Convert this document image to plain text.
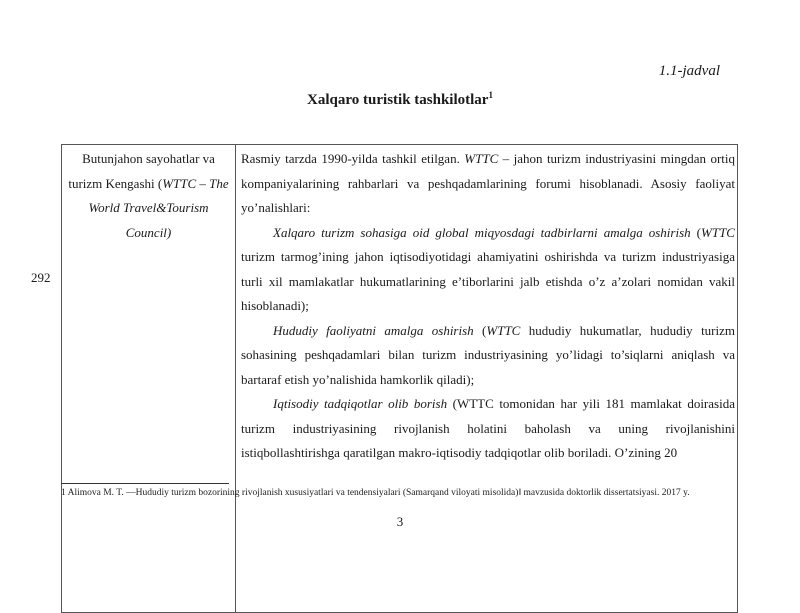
1.1-jadval
Xalqaro turistik tashkilotlar$^1$
292
Butunjahon sayohatlar va turizm Kengashi (WTTC – The World Travel&Tourism Council)	
Rasmiy tarzda 1990-yilda tashkil etilgan. WTTC – jahon turizm industriyasini mingdan ortiq kompaniyalarining rahbarlari va peshqadamlarining forumi hisoblanadi. Asosiy faoliyat yo’nalishlari:
Xalqaro turizm sohasiga oid global miqyosdagi tadbirlarni amalga oshirish (WTTC turizm tarmog’ining jahon iqtisodiyotidagi ahamiyatini oshirishda va turizm industriyasiga turli xil mamlakatlar hukumatlarining e’tiborlarini jalb etishda o’z a’zolari nomidan vakil hisoblanadi);
Hududiy faoliyatni amalga oshirish (WTTC hududiy hukumatlar, hududiy turizm sohasining peshqadamlari bilan turizm industriyasining yo’lidagi to’siqlarni aniqlash va bartaraf etish yo’nalishida hamkorlik qiladi);
Iqtisodiy tadqiqotlar olib borish (WTTC tomonidan har yili 181 mamlakat doirasida turizm industriyasining rivojlanish holatini baholash va uning rivojlanishini istiqbollashtirishga qaratilgan makro-iqtisodiy tadqiqotlar olib boriladi. O’zining 20
1 Alimova M. T. —Hududiy turizm bozorining rivojlanish xususiyatlari va tendensiyalari (Samarqand viloyati misolida)‖ mavzusida doktorlik dissertatsiyasi. 2017 y.
3
